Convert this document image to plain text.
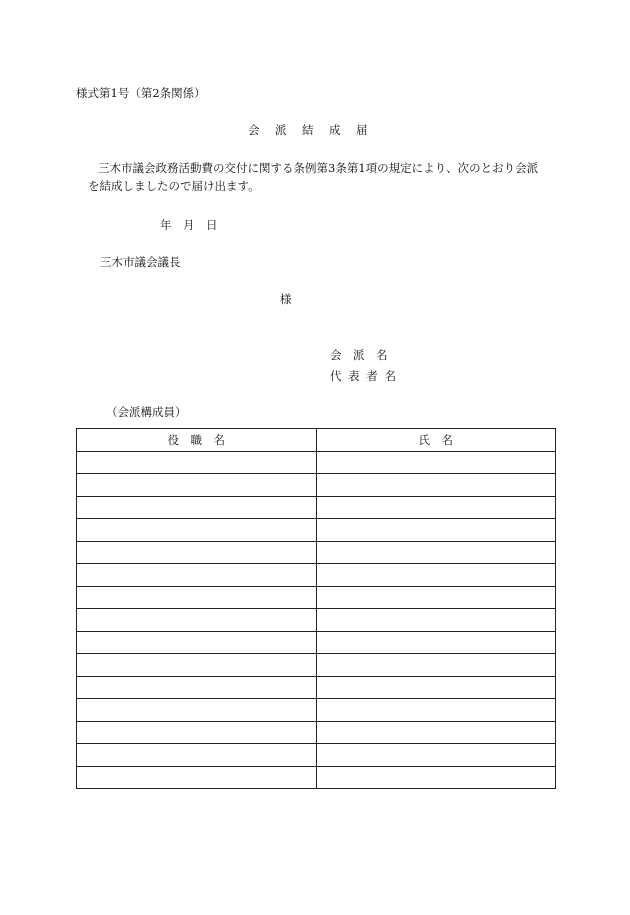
様式第1号（第2条関係）
会　派　結　成　届
三木市議会政務活動費の交付に関する条例第3条第1項の規定により、次のとおり会派
を結成しましたので届け出ます。
年　月　日
三木市議会議長
様
会　派　名
代 表 者 名
（会派構成員）
役　職　名	氏　名
